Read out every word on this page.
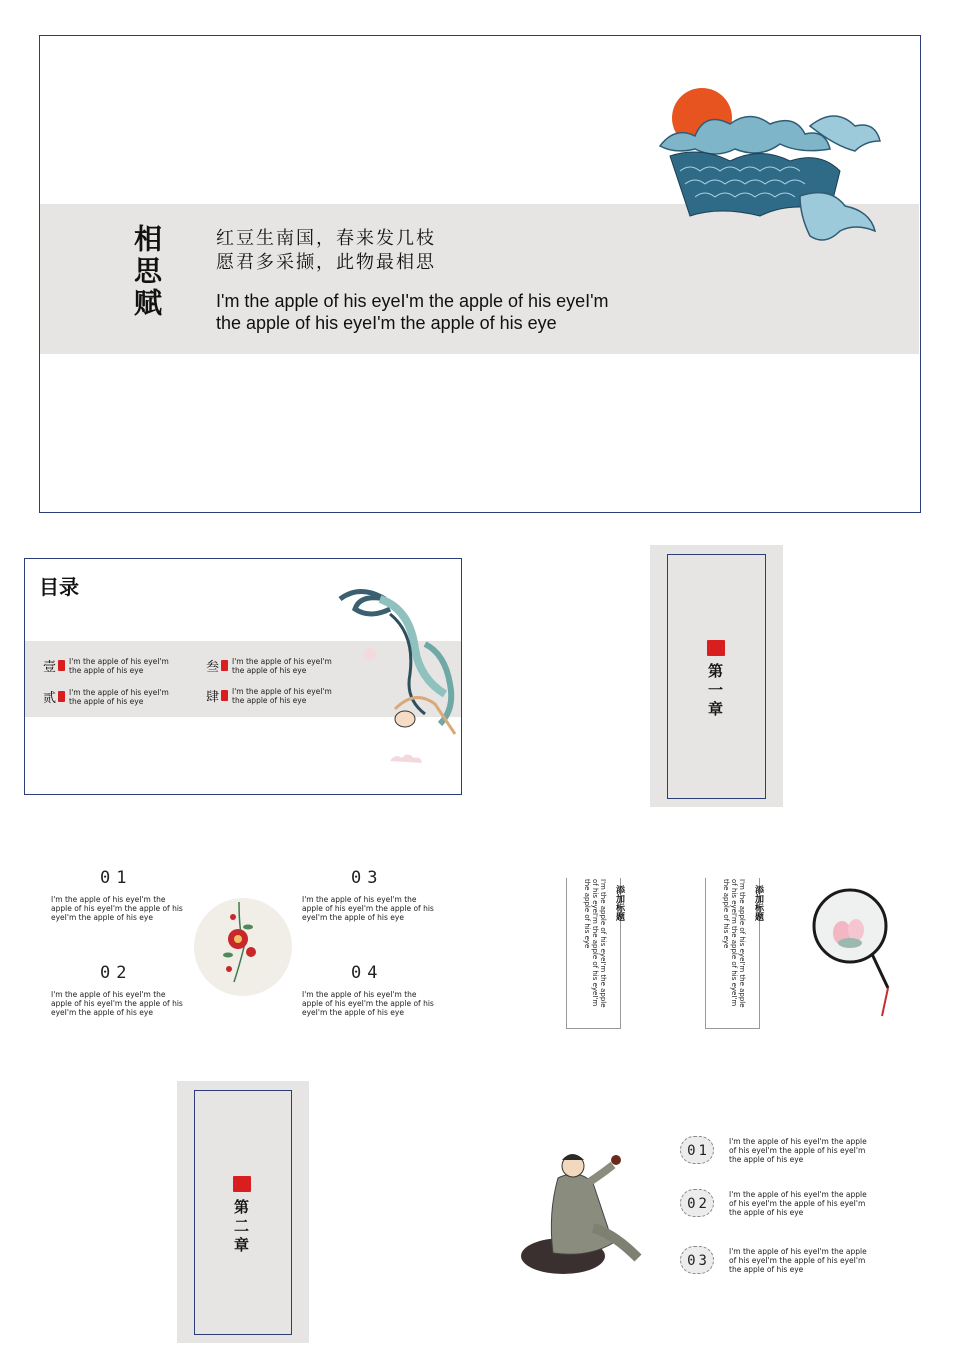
相思赋	红豆生南国，春来发几枝
愿君多采撷，此物最相思
I'm the apple of his eyeI'm the apple of his eyeI'm
the apple of his eyeI'm the apple of his eye
目录
壹 I'm the apple of his eyeI'm
the apple of his eye
贰 I'm the apple of his eyeI'm
the apple of his eye
叁 I'm the apple of his eyeI'm
the apple of his eye
肆 I'm the apple of his eyeI'm
the apple of his eye	第一章
01
I'm the apple of his eyeI'm the
apple of his eyeI'm the apple of his
eyeI'm the apple of his eye
02
I'm the apple of his eyeI'm the
apple of his eyeI'm the apple of his
eyeI'm the apple of his eye
03
I'm the apple of his eyeI'm the
apple of his eyeI'm the apple of his
eyeI'm the apple of his eye
04
I'm the apple of his eyeI'm the
apple of his eyeI'm the apple of his
eyeI'm the apple of his eye
添加标题
I'm the apple of his eyeI'm the apple
of his eyeI'm the apple of his eyeI'm
the apple of his eye	添加标题
I'm the apple of his eyeI'm the apple
of his eyeI'm the apple of his eyeI'm
the apple of his eye
第二章
01
I'm the apple of his eyeI'm the apple
of his eyeI'm the apple of his eyeI'm
the apple of his eye
02
I'm the apple of his eyeI'm the apple
of his eyeI'm the apple of his eyeI'm
the apple of his eye
03
I'm the apple of his eyeI'm the apple
of his eyeI'm the apple of his eyeI'm
the apple of his eye
